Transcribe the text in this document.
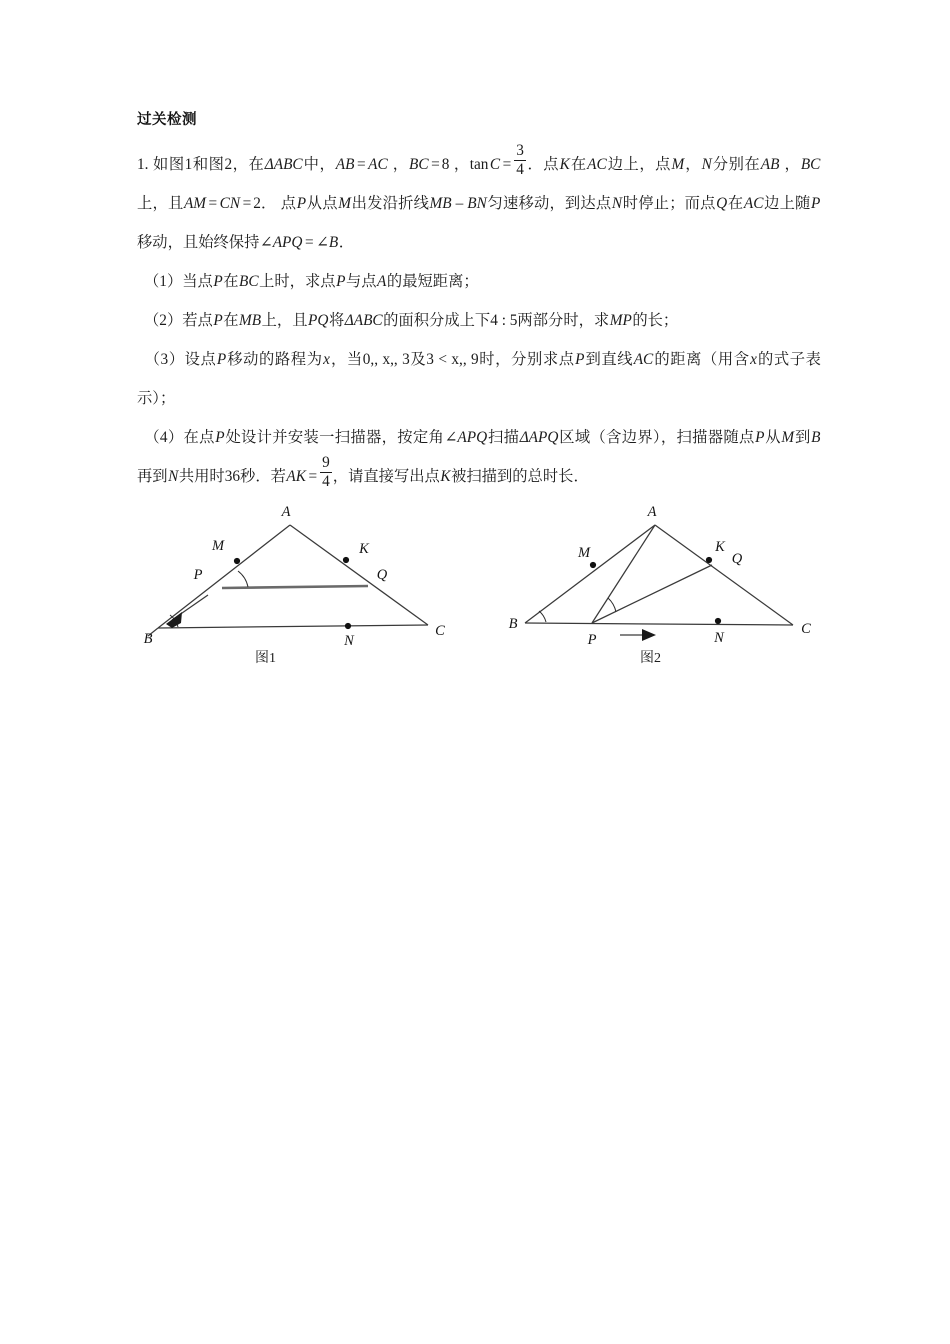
过关检测

1. 如图1和图2，在ΔABC中，AB = AC ，BC = 8 ，$\tan C = \frac{3}{4}$ ．点K在AC边上，点M，N分别在AB ，BC上，且AM = CN = 2． 点P从点M出发沿折线MB – BN匀速移动，到达点N时停止；而点Q在AC边上随P移动，且始终保持∠APQ = ∠B．

（1）当点P在BC上时，求点P与点A的最短距离；

（2）若点P在MB上，且PQ将ΔABC的面积分成上下4 : 5两部分时，求MP的长；

（3）设点P移动的路程为x，当0,, x,, 3及3 < x,, 9时，分别求点P到直线AC的距离（用含x的式子表示）；

（4）在点P处设计并安装一扫描器，按定角∠APQ扫描ΔAPQ区域（含边界），扫描器随点P从M到B再到N共用时36秒．若AK = $\frac{9}{4}$ ，请直接写出点K被扫描到的总时长．

A
M	K
Q
P
B	N
C
图1
A
M	K
Q
B
P	N
C
图2
